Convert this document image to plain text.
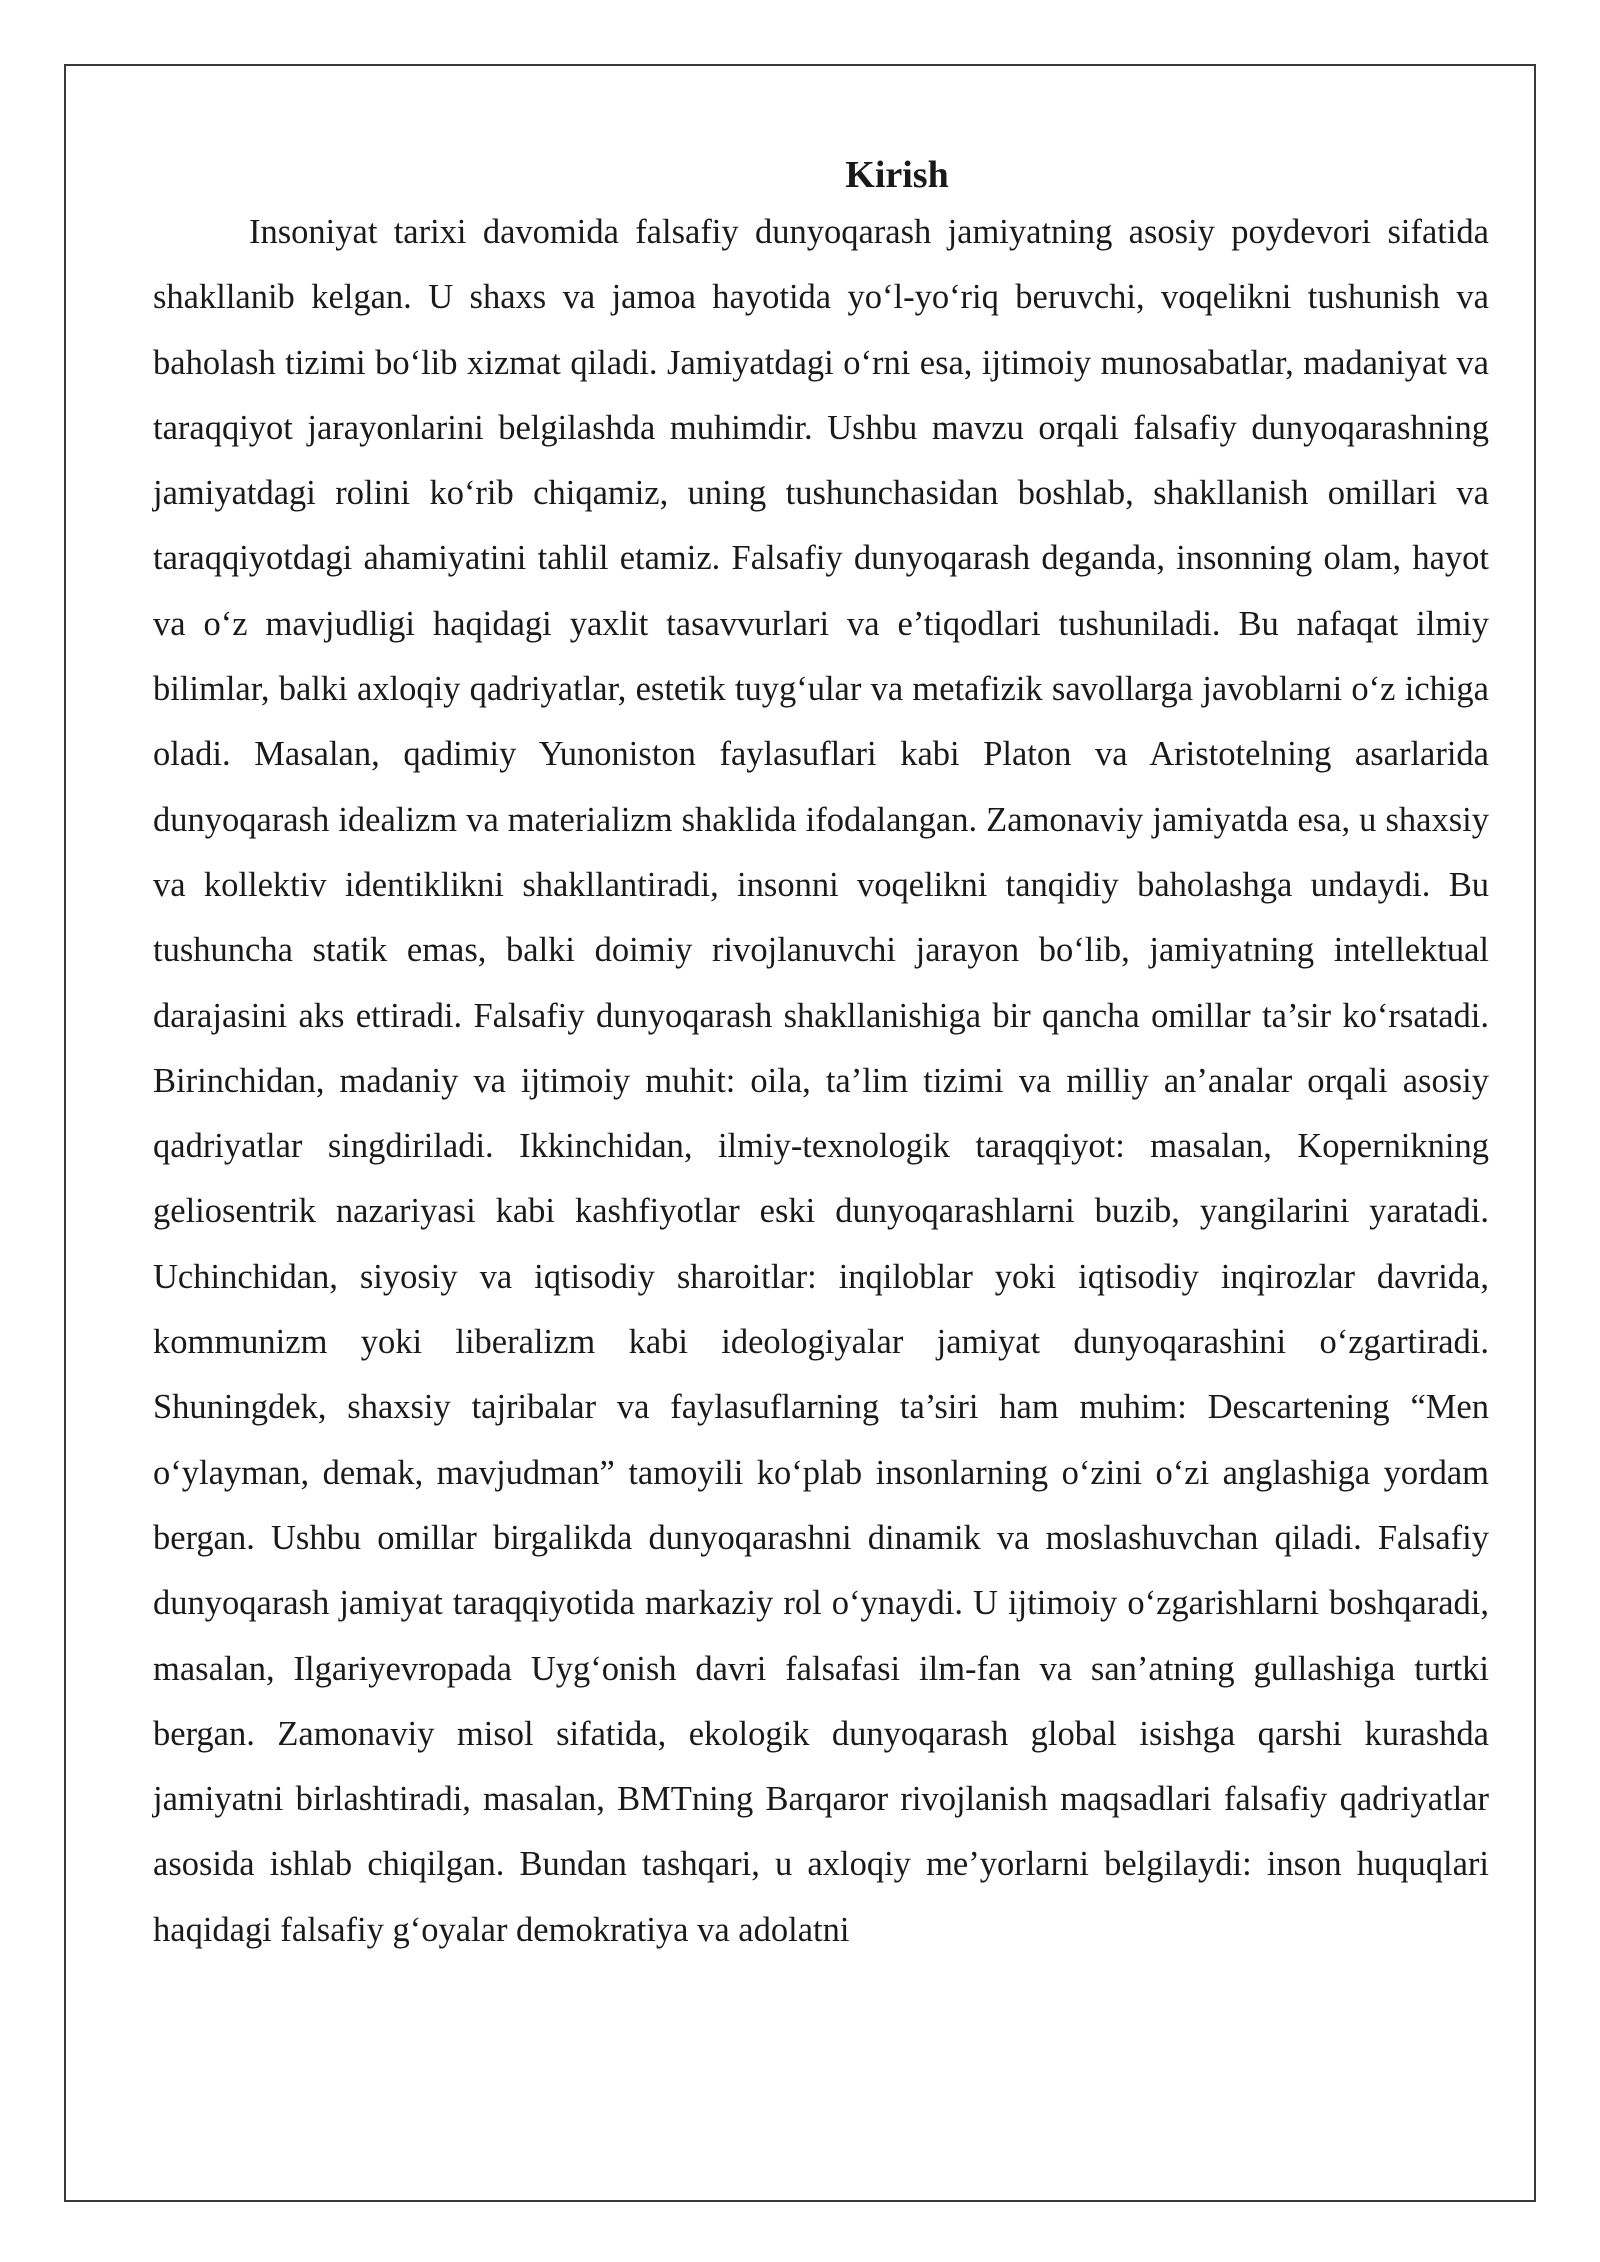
Kirish

Insoniyat tarixi davomida falsafiy dunyoqarash jamiyatning asosiy poydevori sifatida shakllanib kelgan. U shaxs va jamoa hayotida yo‘l-yo‘riq beruvchi, voqelikni tushunish va baholash tizimi bo‘lib xizmat qiladi. Jamiyatdagi o‘rni esa, ijtimoiy munosabatlar, madaniyat va taraqqiyot jarayonlarini belgilashda muhimdir. Ushbu mavzu orqali falsafiy dunyoqarashning jamiyatdagi rolini ko‘rib chiqamiz, uning tushunchasidan boshlab, shakllanish omillari va taraqqiyotdagi ahamiyatini tahlil etamiz. Falsafiy dunyoqarash deganda, insonning olam, hayot va o‘z mavjudligi haqidagi yaxlit tasavvurlari va e’tiqodlari tushuniladi. Bu nafaqat ilmiy bilimlar, balki axloqiy qadriyatlar, estetik tuyg‘ular va metafizik savollarga javoblarni o‘z ichiga oladi. Masalan, qadimiy Yunoniston faylasuflari kabi Platon va Aristotelning asarlarida dunyoqarash idealizm va materializm shaklida ifodalangan. Zamonaviy jamiyatda esa, u shaxsiy va kollektiv identiklikni shakllantiradi, insonni voqelikni tanqidiy baholashga undaydi. Bu tushuncha statik emas, balki doimiy rivojlanuvchi jarayon bo‘lib, jamiyatning intellektual darajasini aks ettiradi. Falsafiy dunyoqarash shakllanishiga bir qancha omillar ta’sir ko‘rsatadi. Birinchidan, madaniy va ijtimoiy muhit: oila, ta’lim tizimi va milliy an’analar orqali asosiy qadriyatlar singdiriladi. Ikkinchidan, ilmiy-texnologik taraqqiyot: masalan, Kopernikning geliosentrik nazariyasi kabi kashfiyotlar eski dunyoqarashlarni buzib, yangilarini yaratadi. Uchinchidan, siyosiy va iqtisodiy sharoitlar: inqiloblar yoki iqtisodiy inqirozlar davrida, kommunizm yoki liberalizm kabi ideologiyalar jamiyat dunyoqarashini o‘zgartiradi. Shuningdek, shaxsiy tajribalar va faylasuflarning ta’siri ham muhim: Descartening “Men o‘ylayman, demak, mavjudman” tamoyili ko‘plab insonlarning o‘zini o‘zi anglashiga yordam bergan. Ushbu omillar birgalikda dunyoqarashni dinamik va moslashuvchan qiladi. Falsafiy dunyoqarash jamiyat taraqqiyotida markaziy rol o‘ynaydi. U ijtimoiy o‘zgarishlarni boshqaradi, masalan, Ilgariyevropada Uyg‘onish davri falsafasi ilm-fan va san’atning gullashiga turtki bergan. Zamonaviy misol sifatida, ekologik dunyoqarash global isishga qarshi kurashda jamiyatni birlashtiradi, masalan, BMTning Barqaror rivojlanish maqsadlari falsafiy qadriyatlar asosida ishlab chiqilgan. Bundan tashqari, u axloqiy me’yorlarni belgilaydi: inson huquqlari haqidagi falsafiy g‘oyalar demokratiya va adolatni
